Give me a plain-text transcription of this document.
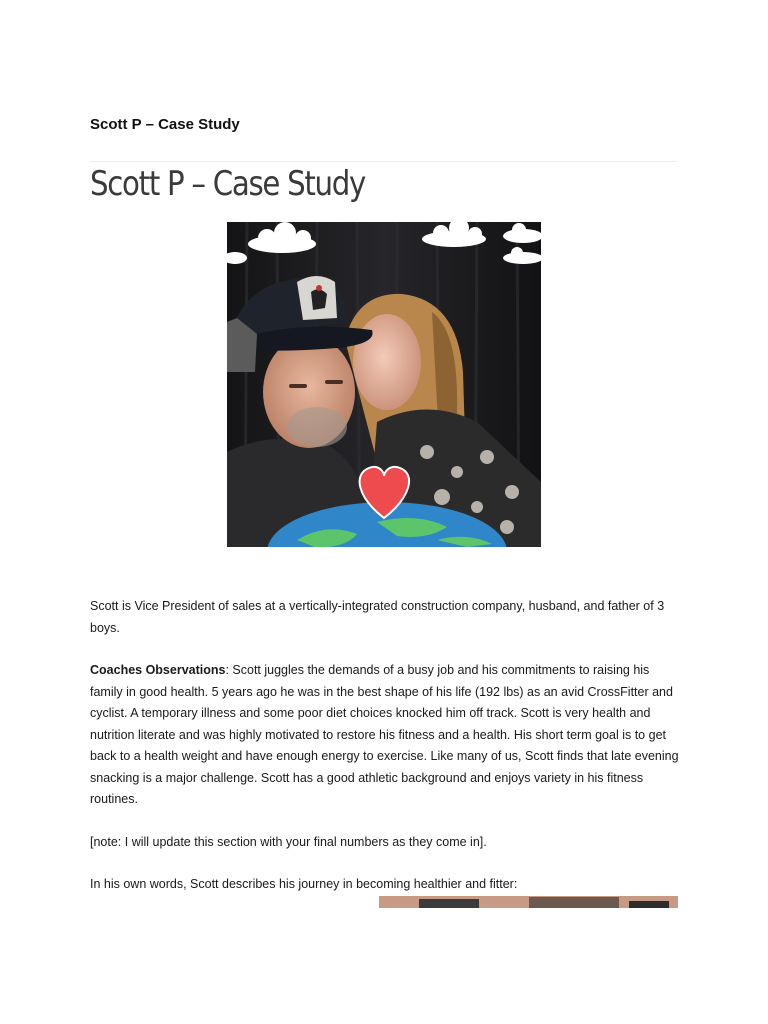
Scott P – Case Study
Scott P – Case Study

Scott is Vice President of sales at a vertically-integrated construction company, husband, and father of 3 boys.

Coaches Observations: Scott juggles the demands of a busy job and his commitments to raising his family in good health. 5 years ago he was in the best shape of his life (192 lbs) as an avid CrossFitter and cyclist. A temporary illness and some poor diet choices knocked him off track. Scott is very health and nutrition literate and was highly motivated to restore his fitness and a health. His short term goal is to get back to a health weight and have enough energy to exercise. Like many of us, Scott finds that late evening snacking is a major challenge. Scott has a good athletic background and enjoys variety in his fitness routines.

[note: I will update this section with your final numbers as they come in].

In his own words, Scott describes his journey in becoming healthier and fitter:
